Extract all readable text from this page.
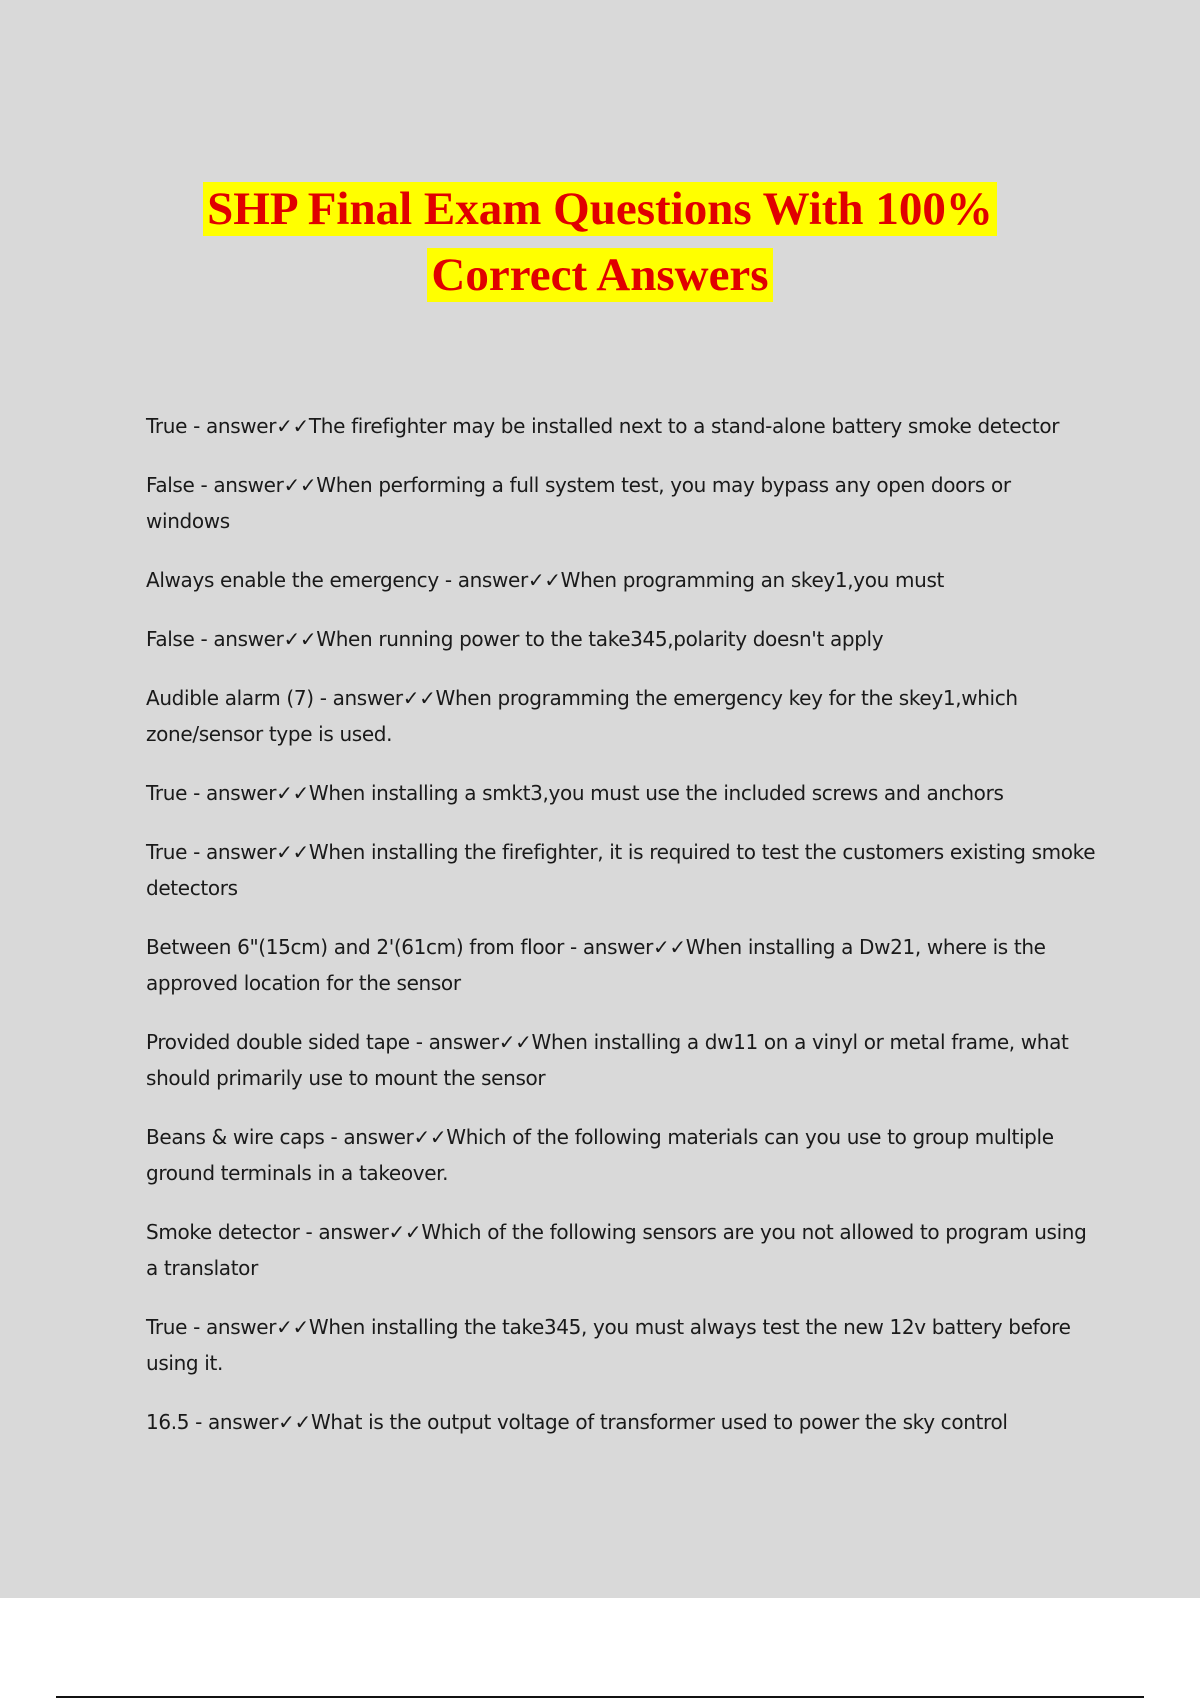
SHP Final Exam Questions With 100%
Correct Answers
True - answer✓✓The firefighter may be installed next to a stand-alone battery smoke detector
False - answer✓✓When performing a full system test, you may bypass any open doors or windows
Always enable the emergency - answer✓✓When programming an skey1,you must
False - answer✓✓When running power to the take345,polarity doesn't apply
Audible alarm (7) - answer✓✓When programming the emergency key for the skey1,which zone/sensor type is used.
True - answer✓✓When installing a smkt3,you must use the included screws and anchors
True - answer✓✓When installing the firefighter, it is required to test the customers existing smoke detectors
Between 6"(15cm) and 2'(61cm) from floor - answer✓✓When installing a Dw21, where is the approved location for the sensor
Provided double sided tape - answer✓✓When installing a dw11 on a vinyl or metal frame, what should primarily use to mount the sensor
Beans & wire caps - answer✓✓Which of the following materials can you use to group multiple ground terminals in a takeover.
Smoke detector - answer✓✓Which of the following sensors are you not allowed to program using a translator
True - answer✓✓When installing the take345, you must always test the new 12v battery before using it.
16.5 - answer✓✓What is the output voltage of transformer used to power the sky control
